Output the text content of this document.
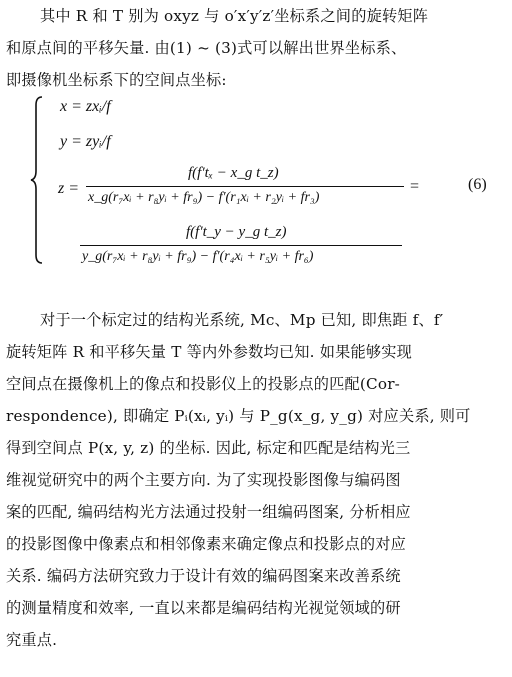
其中 R 和 T 别为 oxyz 与 o′x′y′z′坐标系之间的旋转矩阵
和原点间的平移矢量. 由(1) ~ (3)式可以解出世界坐标系、
即摄像机坐标系下的空间点坐标:
x = zxᵢ/f
y = zyᵢ/f
z =
f(f′tₓ − x_g t_z)
x_g(r₇xᵢ + r₈yᵢ + fr₉) − f′(r₁xᵢ + r₂yᵢ + fr₃)
=	(6)
f(f′t_y − y_g t_z)
y_g(r₇xᵢ + r₈yᵢ + fr₉) − f′(r₄xᵢ + r₅yᵢ + fr₆)
对于一个标定过的结构光系统, Mc、Mp 已知, 即焦距 f、f′
旋转矩阵 R 和平移矢量 T 等内外参数均已知. 如果能够实现
空间点在摄像机上的像点和投影仪上的投影点的匹配(Cor-
respondence), 即确定 Pᵢ(xᵢ, yᵢ) 与 P_g(x_g, y_g) 对应关系, 则可
得到空间点 P(x, y, z) 的坐标. 因此, 标定和匹配是结构光三
维视觉研究中的两个主要方向. 为了实现投影图像与编码图
案的匹配, 编码结构光方法通过投射一组编码图案, 分析相应
的投影图像中像素点和相邻像素来确定像点和投影点的对应
关系. 编码方法研究致力于设计有效的编码图案来改善系统
的测量精度和效率, 一直以来都是编码结构光视觉领域的研
究重点.
